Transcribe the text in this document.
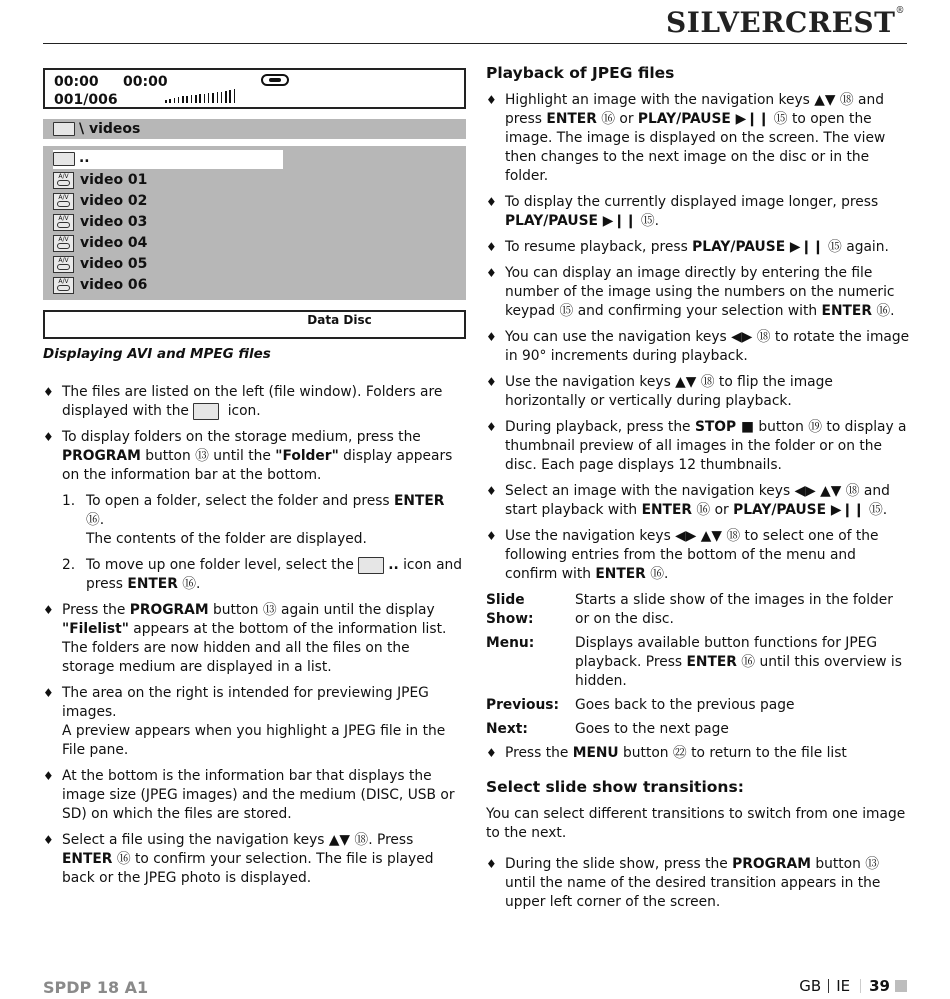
SILVERCREST®
00:00 00:00
001/006
\ videos
..
A/V video 01
A/V video 02
A/V video 03
A/V video 04
A/V video 05
A/V video 06
Data Disc
Displaying AVI and MPEG files
♦ The files are listed on the left (file window). Folders are displayed with the  icon.
♦ To display folders on the storage medium, press the PROGRAM button ⑬ until the "Folder" display appears on the information bar at the bottom.
1. To open a folder, select the folder and press ENTER ⑯.
The contents of the folder are displayed.
2. To move up one folder level, select the .. icon and press ENTER ⑯.
♦ Press the PROGRAM button ⑬ again until the display "Filelist" appears at the bottom of the information list. The folders are now hidden and all the files on the storage medium are displayed in a list.
♦ The area on the right is intended for previewing JPEG images.
A preview appears when you highlight a JPEG file in the File pane.
♦ At the bottom is the information bar that displays the image size (JPEG images) and the medium (DISC, USB or SD) on which the files are stored.
♦ Select a file using the navigation keys ▲▼ ⑱. Press ENTER ⑯ to confirm your selection. The file is played back or the JPEG photo is displayed.
Playback of JPEG files
♦ Highlight an image with the navigation keys ▲▼ ⑱ and press ENTER ⑯ or PLAY/PAUSE ▶❙❙ ⑮ to open the image. The image is displayed on the screen. The view then changes to the next image on the disc or in the folder.
♦ To display the currently displayed image longer, press PLAY/PAUSE ▶❙❙ ⑮.
♦ To resume playback, press PLAY/PAUSE ▶❙❙ ⑮ again.
♦ You can display an image directly by entering the file number of the image using the numbers on the numeric keypad ⑮ and confirming your selection with ENTER ⑯.
♦ You can use the navigation keys ◀▶ ⑱ to rotate the image in 90° increments during playback.
♦ Use the navigation keys ▲▼ ⑱ to flip the image horizontally or vertically during playback.
♦ During playback, press the STOP ■ button ⑲ to display a thumbnail preview of all images in the folder or on the disc. Each page displays 12 thumbnails.
♦ Select an image with the navigation keys ◀▶ ▲▼ ⑱ and start playback with ENTER ⑯ or PLAY/PAUSE ▶❙❙ ⑮.
♦ Use the navigation keys ◀▶ ▲▼ ⑱ to select one of the following entries from the bottom of the menu and confirm with ENTER ⑯.
Slide Show:
Starts a slide show of the images in the folder or on the disc.
Menu:	Displays available button functions for JPEG playback. Press ENTER ⑯ until this overview is hidden.
Previous:	Goes back to the previous page
Next:	Goes to the next page
♦ Press the MENU button ㉒ to return to the file list
Select slide show transitions:
You can select different transitions to switch from one image to the next.
♦ During the slide show, press the PROGRAM button ⑬ until the name of the desired transition appears in the upper left corner of the screen.
SPDP 18 A1	GB IE 39
